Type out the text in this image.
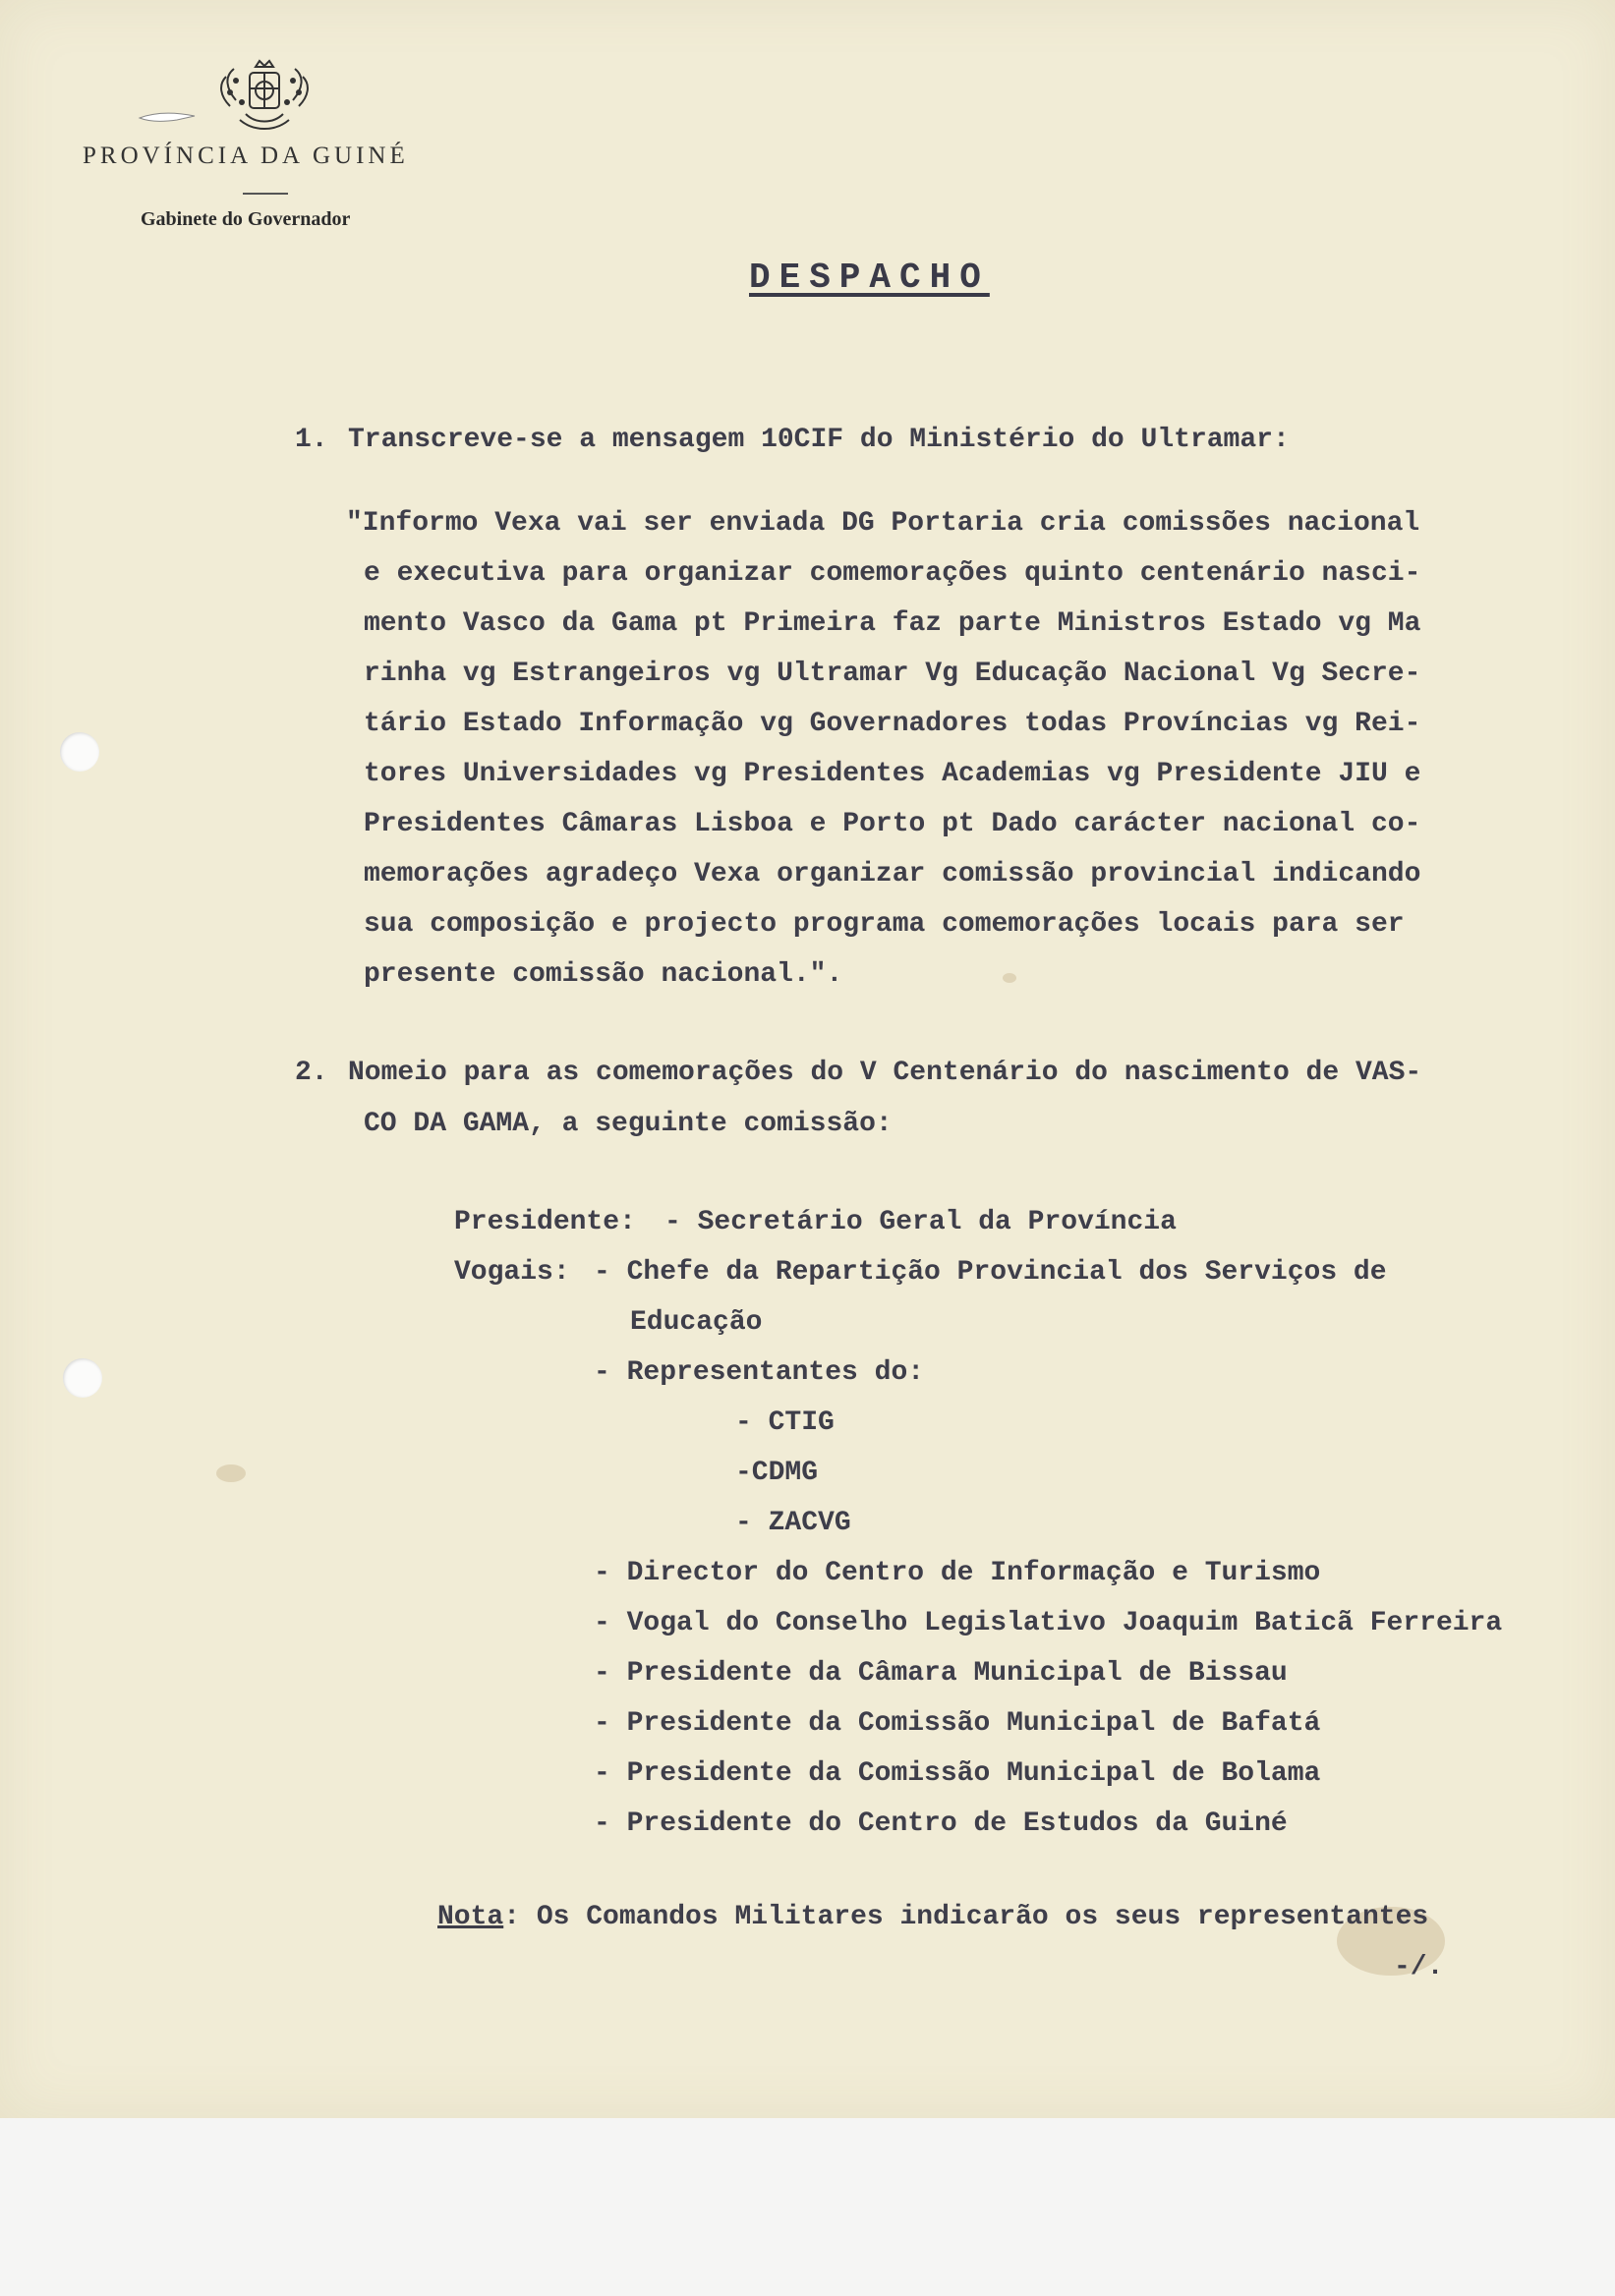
PROVÍNCIA DA GUINÉ
Gabinete do Governador
DESPACHO
1. Transcreve-se a mensagem 10CIF do Ministério do Ultramar:
"Informo Vexa vai ser enviada DG Portaria cria comissões nacional
e executiva para organizar comemorações quinto centenário nasci-
mento Vasco da Gama pt Primeira faz parte Ministros Estado vg Ma
rinha vg Estrangeiros vg Ultramar Vg Educação Nacional Vg Secre-
tário Estado Informação vg Governadores todas Províncias vg Rei-
tores Universidades vg Presidentes Academias vg Presidente JIU e
Presidentes Câmaras Lisboa e Porto pt Dado carácter nacional co-
memorações agradeço Vexa organizar comissão provincial indicando
sua composição e projecto programa comemorações locais para ser
presente comissão nacional.".
2. Nomeio para as comemorações do V Centenário do nascimento de VAS-
CO DA GAMA, a seguinte comissão:
Presidente: - Secretário Geral da Província
Vogais: - Chefe da Repartição Provincial dos Serviços de
Educação
- Representantes do:
- CTIG
-CDMG
- ZACVG
- Director do Centro de Informação e Turismo
- Vogal do Conselho Legislativo Joaquim Baticã Ferreira
- Presidente da Câmara Municipal de Bissau
- Presidente da Comissão Municipal de Bafatá
- Presidente da Comissão Municipal de Bolama
- Presidente do Centro de Estudos da Guiné
Nota: Os Comandos Militares indicarão os seus representantes
-/.
